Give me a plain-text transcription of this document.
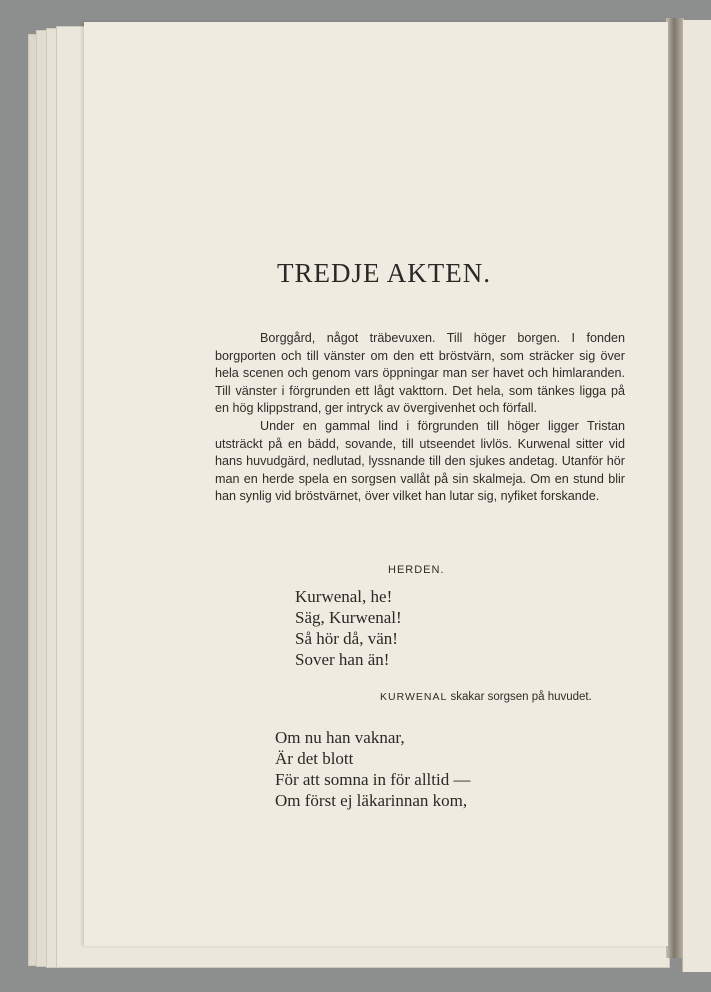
TREDJE AKTEN.

Borggård, något träbevuxen. Till höger borgen. I fonden borgporten och till vänster om den ett bröstvärn, som sträcker sig över hela scenen och genom vars öppningar man ser havet och himlaranden. Till vänster i förgrunden ett lågt vakttorn. Det hela, som tänkes ligga på en hög klippstrand, ger intryck av övergivenhet och förfall.

Under en gammal lind i förgrunden till höger ligger Tristan utsträckt på en bädd, sovande, till utseendet livlös. Kurwenal sitter vid hans huvudgärd, nedlutad, lyssnande till den sjukes andetag. Utanför hör man en herde spela en sorgsen vallåt på sin skalmeja. Om en stund blir han synlig vid bröstvärnet, över vilket han lutar sig, nyfiket forskande.

HERDEN.
Kurwenal, he!
Säg, Kurwenal!
Så hör då, vän!
Sover han än!
KURWENAL skakar sorgsen på huvudet.
Om nu han vaknar,
Är det blott
För att somna in för alltid —
Om först ej läkarinnan kom,
